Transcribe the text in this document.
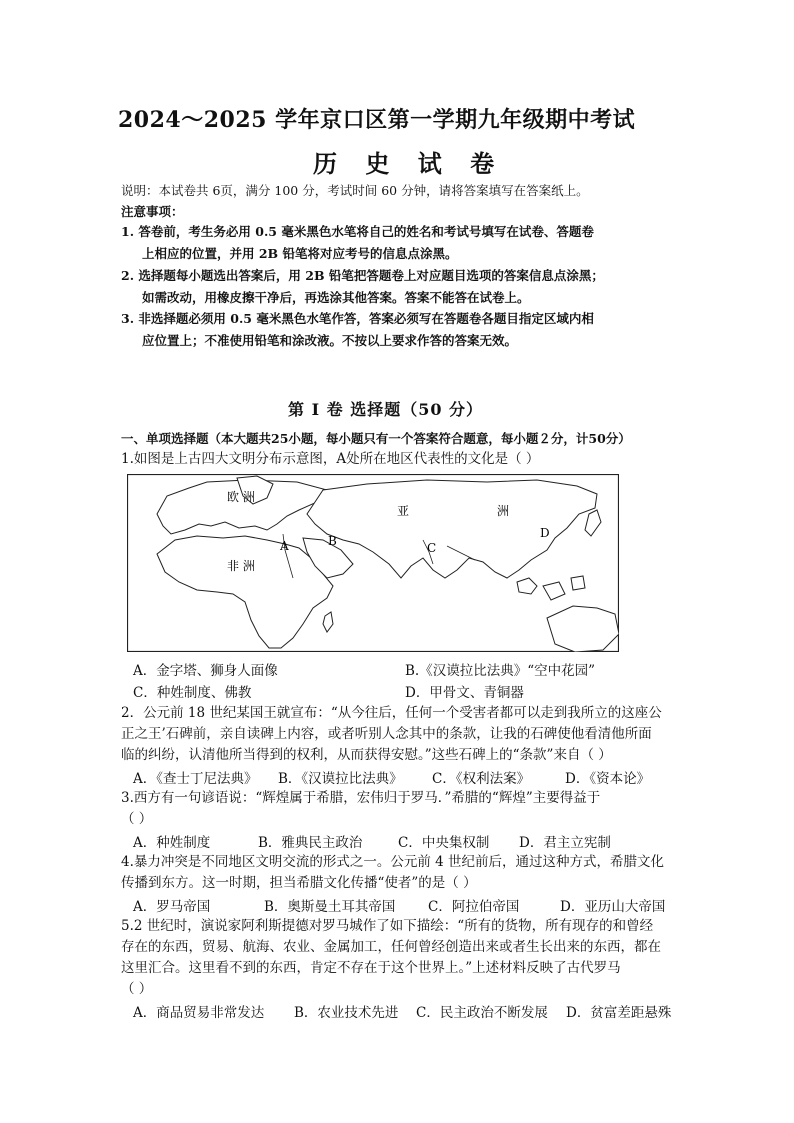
2024～2025 学年京口区第一学期九年级期中考试
历 史 试 卷
说明：本试卷共 6页，满分 100 分，考试时间 60 分钟，请将答案填写在答案纸上。
注意事项：
1. 答卷前，考生务必用 0.5 毫米黑色水笔将自己的姓名和考试号填写在试卷、答题卷
上相应的位置，并用 2B 铅笔将对应考号的信息点涂黑。
2. 选择题每小题选出答案后，用 2B 铅笔把答题卷上对应题目选项的答案信息点涂黑；
如需改动，用橡皮擦干净后，再选涂其他答案。答案不能答在试卷上。
3. 非选择题必须用 0.5 毫米黑色水笔作答，答案必须写在答题卷各题目指定区域内相
应位置上；不准使用铅笔和涂改液。不按以上要求作答的答案无效。
第 I 卷 选择题（50 分）
一、单项选择题（本大题共25小题，每小题只有一个答案符合题意，每小题２分，计50分）
1.如图是上古四大文明分布示意图，A处所在地区代表性的文化是（ ）
欧 洲
亚	洲
非 洲
A	B	C
D
A．金字塔、狮身人面像	B.《汉谟拉比法典》“空中花园”
C．种姓制度、佛教	D．甲骨文、青铜器
2．公元前 18 世纪某国王就宣布：“从今往后，任何一个受害者都可以走到我所立的这座公
正之王’石碑前，亲自读碑上内容，或者听别人念其中的条款，让我的石碑使他看清他所面
临的纠纷，认清他所当得到的权利，从而获得安慰。”这些石碑上的“条款”来自（ ）
A．《查士丁尼法典》 B．《汉谟拉比法典》 C．《权利法案》	D．《资本论》
3.西方有一句谚语说：“辉煌属于希腊，宏伟归于罗马．”希腊的“辉煌”主要得益于
（ ）
A．种姓制度	B．雅典民主政治	C．中央集权制 D．君主立宪制
4.暴力冲突是不同地区文明交流的形式之一。公元前 4 世纪前后，通过这种方式，希腊文化
传播到东方。这一时期，担当希腊文化传播“使者”的是（ ）
A．罗马帝国	B．奥斯曼土耳其帝国 C．阿拉伯帝国	D．亚历山大帝国
5.2 世纪时，演说家阿利斯提德对罗马城作了如下描绘：“所有的货物，所有现存的和曾经
存在的东西，贸易、航海、农业、金属加工，任何曾经创造出来或者生长出来的东西，都在
这里汇合。这里看不到的东西，肯定不存在于这个世界上。”上述材料反映了古代罗马
（ ）
A．商品贸易非常发达 B．农业技术先进 C．民主政治不断发展 D．贫富差距悬殊
